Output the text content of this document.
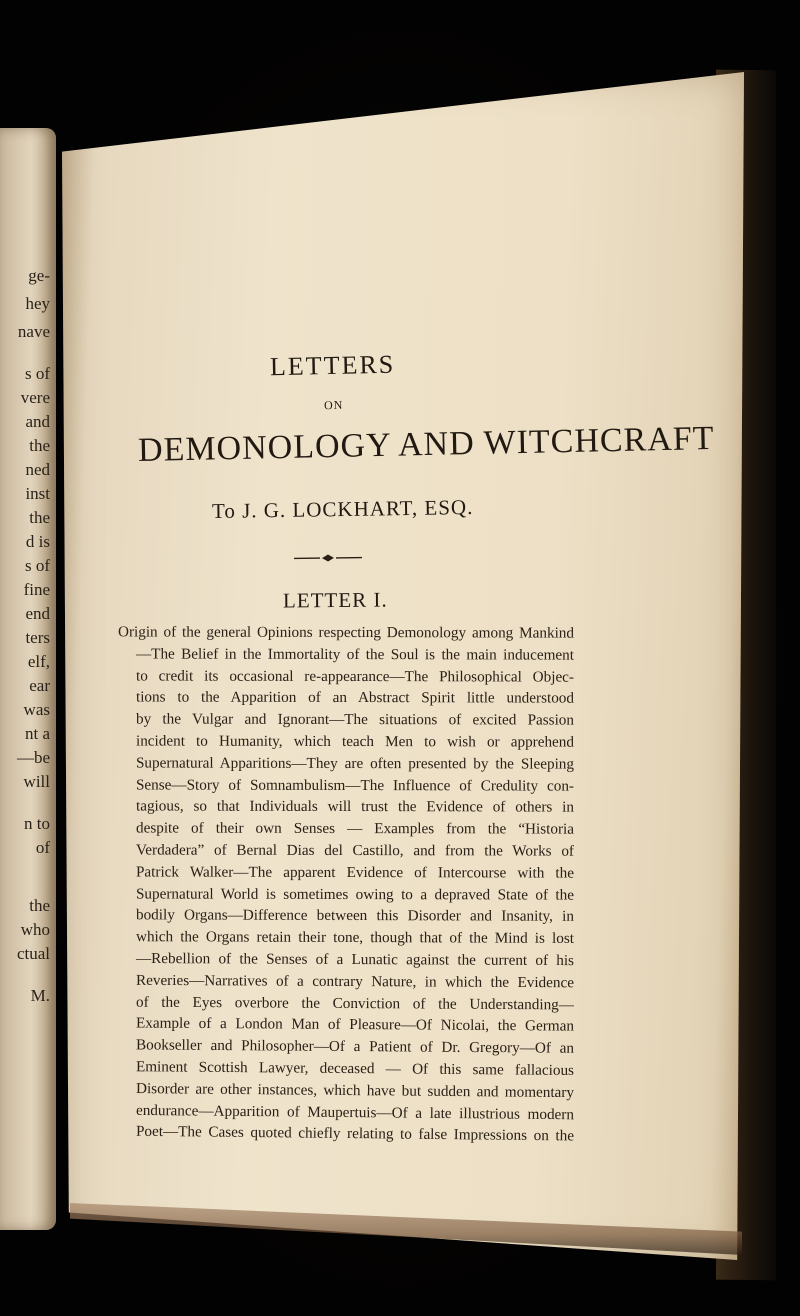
ge-
hey
nave
s of
vere
and
the
ned
inst
the
d is
s of
fine
end
ters
elf,
ear
was
nt a
—be
will
n to
of
the
who
ctual
M.
LETTERS
ON
DEMONOLOGY AND WITCHCRAFT
To J. G. LOCKHART, ESQ.
LETTER I.
Origin of the general Opinions respecting Demonology among Mankind
—The Belief in the Immortality of the Soul is the main inducement
to credit its occasional re-appearance—The Philosophical Objec-
tions to the Apparition of an Abstract Spirit little understood
by the Vulgar and Ignorant—The situations of excited Passion
incident to Humanity, which teach Men to wish or apprehend
Supernatural Apparitions—They are often presented by the Sleeping
Sense—Story of Somnambulism—The Influence of Credulity con-
tagious, so that Individuals will trust the Evidence of others in
despite of their own Senses — Examples from the “Historia
Verdadera” of Bernal Dias del Castillo, and from the Works of
Patrick Walker—The apparent Evidence of Intercourse with the
Supernatural World is sometimes owing to a depraved State of the
bodily Organs—Difference between this Disorder and Insanity, in
which the Organs retain their tone, though that of the Mind is lost
—Rebellion of the Senses of a Lunatic against the current of his
Reveries—Narratives of a contrary Nature, in which the Evidence
of the Eyes overbore the Conviction of the Understanding—
Example of a London Man of Pleasure—Of Nicolai, the German
Bookseller and Philosopher—Of a Patient of Dr. Gregory—Of an
Eminent Scottish Lawyer, deceased — Of this same fallacious
Disorder are other instances, which have but sudden and momentary
endurance—Apparition of Maupertuis—Of a late illustrious modern
Poet—The Cases quoted chiefly relating to false Impressions on the
